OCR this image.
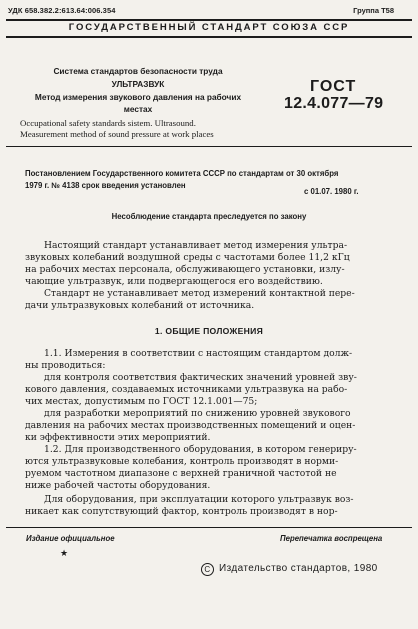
УДК 658.382.2:613.64:006.354	Группа Т58
ГОСУДАРСТВЕННЫЙ СТАНДАРТ СОЮЗА ССР
Система стандартов безопасности труда
УЛЬТРАЗВУК
Метод измерения звукового давления на рабочих
местах
ГОСТ
12.4.077—79
Occupational safety standards sistem. Ultrasound.
Measurement method of sound pressure at work places
Постановлением Государственного комитета СССР по стандартам от 30 октября
1979 г. № 4138 срок введения установлен
с 01.07. 1980 г.
Несоблюдение стандарта преследуется по закону
Настоящий стандарт устанавливает метод измерения ультра-
звуковых колебаний воздушной среды с частотами более 11,2 кГц
на рабочих местах персонала, обслуживающего установки, излу-
чающие ультразвук, или подвергающегося его воздействию.
Стандарт не устанавливает метод измерений контактной пере-
дачи ультразвуковых колебаний от источника.
1. ОБЩИЕ ПОЛОЖЕНИЯ
1.1. Измерения в соответствии с настоящим стандартом долж-
ны проводиться:
для контроля соответствия фактических значений уровней зву-
кового давления, создаваемых источниками ультразвука на рабо-
чих местах, допустимым по ГОСТ 12.1.001—75;
для разработки мероприятий по снижению уровней звукового
давления на рабочих местах производственных помещений и оцен-
ки эффективности этих мероприятий.
1.2. Для производственного оборудования, в котором генериру-
ются ультразвуковые колебания, контроль производят в норми-
руемом частотном диапазоне с верхней граничной частотой не
ниже рабочей частоты оборудования.
Для оборудования, при эксплуатации которого ультразвук воз-
никает как сопутствующий фактор, контроль производят в нор-
Издание официальное	Перепечатка воспрещена
★
С Издательство стандартов, 1980
